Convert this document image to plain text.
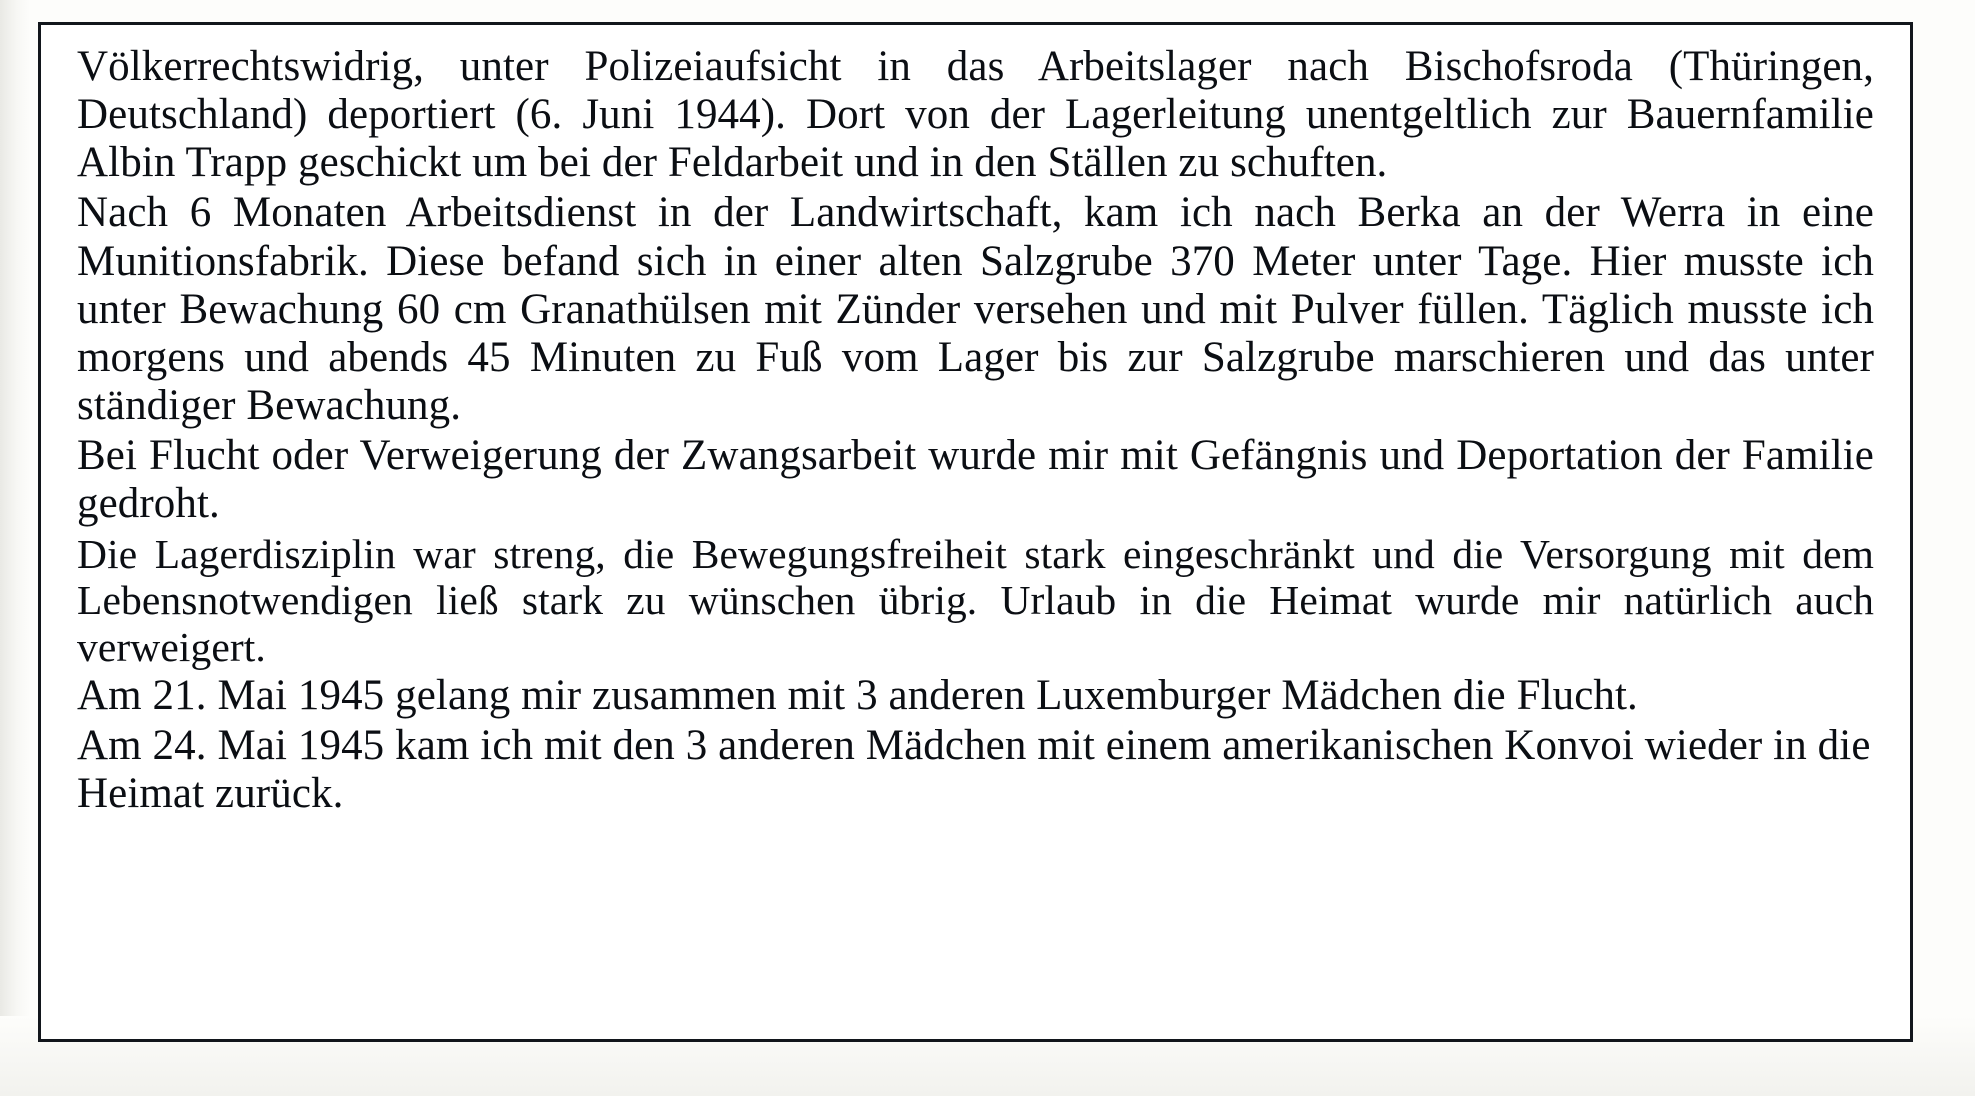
Völkerrechtswidrig, unter Polizeiaufsicht in das Arbeitslager nach Bischofsroda (Thüringen, Deutschland) deportiert (6. Juni 1944). Dort von der Lagerleitung unentgeltlich zur Bauernfamilie Albin Trapp geschickt um bei der Feldarbeit und in den Ställen zu schuften.

Nach 6 Monaten Arbeitsdienst in der Landwirtschaft, kam ich nach Berka an der Werra in eine Munitionsfabrik. Diese befand sich in einer alten Salzgrube 370 Meter unter Tage. Hier musste ich unter Bewachung 60 cm Granathülsen mit Zünder versehen und mit Pulver füllen. Täglich musste ich morgens und abends 45 Minuten zu Fuß vom Lager bis zur Salzgrube marschieren und das unter ständiger Bewachung.

Bei Flucht oder Verweigerung der Zwangsarbeit wurde mir mit Gefängnis und Deportation der Familie gedroht.

Die Lagerdisziplin war streng, die Bewegungsfreiheit stark eingeschränkt und die Versorgung mit dem Lebensnotwendigen ließ stark zu wünschen übrig. Urlaub in die Heimat wurde mir natürlich auch verweigert.

Am 21. Mai 1945 gelang mir zusammen mit 3 anderen Luxemburger Mädchen die Flucht.

Am 24. Mai 1945 kam ich mit den 3 anderen Mädchen mit einem amerikanischen Konvoi wieder in die Heimat zurück.
